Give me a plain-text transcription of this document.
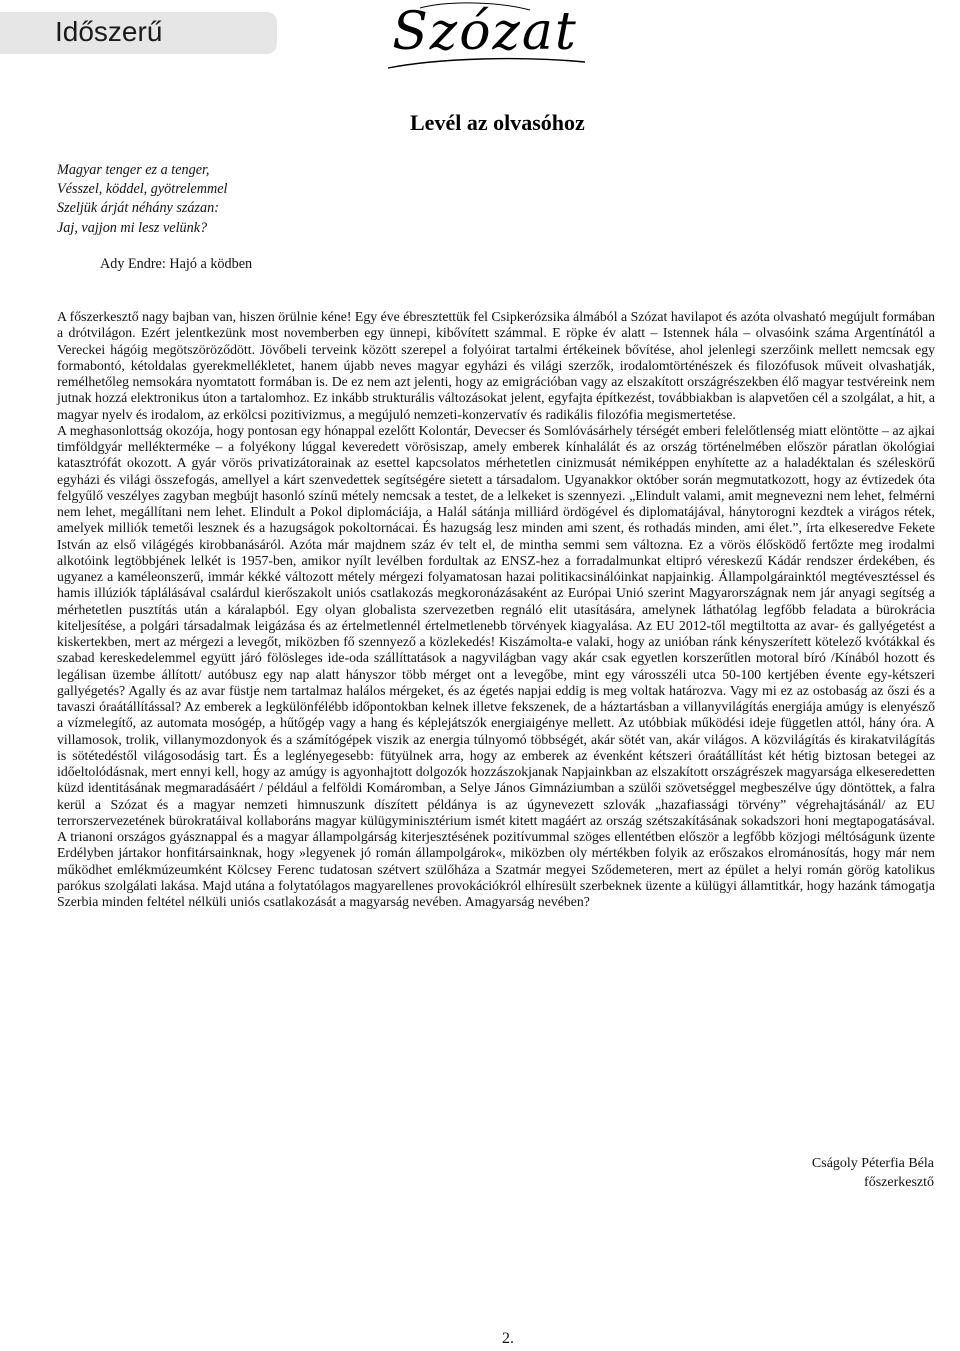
Időszerű	Szózat
Levél az olvasóhoz
Magyar tenger ez a tenger,
Vésszel, köddel, gyötrelemmel
Szeljük árját néhány százan:
Jaj, vajjon mi lesz velünk?
Ady Endre: Hajó a ködben

A főszerkesztő nagy bajban van, hiszen örülnie kéne! Egy éve ébresztettük fel Csipkerózsika álmából a Szózat havilapot és azóta olvasható megújult formában a drótvilágon. Ezért jelentkezünk most novemberben egy ünnepi, kibővített számmal. E röpke év alatt – Istennek hála – olvasóink száma Argentínától a Vereckei hágóig megötszöröződött. Jövőbeli terveink között szerepel a folyóirat tartalmi értékeinek bővítése, ahol jelenlegi szerzőink mellett nemcsak egy formabontó, kétoldalas gyerekmellékletet, hanem újabb neves magyar egyházi és világi szerzők, irodalomtörténészek és filozófusok műveit olvashatják, remélhetőleg nemsokára nyomtatott formában is. De ez nem azt jelenti, hogy az emigrációban vagy az elszakított országrészekben élő magyar testvéreink nem jutnak hozzá elektronikus úton a tartalomhoz. Ez inkább strukturális változásokat jelent, egyfajta építkezést, továbbiakban is alapvetően cél a szolgálat, a hit, a magyar nyelv és irodalom, az erkölcsi pozitivizmus, a megújuló nemzeti-konzervatív és radikális filozófia megismertetése.

A meghasonlottság okozója, hogy pontosan egy hónappal ezelőtt Kolontár, Devecser és Somlóvásárhely térségét emberi felelőtlenség miatt elöntötte – az ajkai timföldgyár mellékterméke – a folyékony lúggal keveredett vörösiszap, amely emberek kínhalálát és az ország történelmében először páratlan ökológiai katasztrófát okozott. A gyár vörös privatizátorainak az esettel kapcsolatos mérhetetlen cinizmusát némiképpen enyhítette az a haladéktalan és széleskörű egyházi és világi összefogás, amellyel a kárt szenvedettek segítségére sietett a társadalom. Ugyanakkor október során megmutatkozott, hogy az évtizedek óta felgyűlő veszélyes zagyban megbújt hasonló színű métely nemcsak a testet, de a lelkeket is szennyezi. „Elindult valami, amit megnevezni nem lehet, felmérni nem lehet, megállítani nem lehet. Elindult a Pokol diplomáciája, a Halál sátánja milliárd ördögével és diplomatájával, hánytorogni kezdtek a virágos rétek, amelyek milliók temetői lesznek és a hazugságok pokoltornácai. És hazugság lesz minden ami szent, és rothadás minden, ami élet.”, írta elkeseredve Fekete István az első világégés kirobbanásáról. Azóta már majdnem száz év telt el, de mintha semmi sem változna. Ez a vörös élősködő fertőzte meg irodalmi alkotóink legtöbbjének lelkét is 1957-ben, amikor nyílt levélben fordultak az ENSZ-hez a forradalmunkat eltipró véreskezű Kádár rendszer érdekében, és ugyanez a kaméleonszerű, immár kékké változott métely mérgezi folyamatosan hazai politikacsinálóinkat napjainkig. Állampolgárainktól megtévesztéssel és hamis illúziók táplálásával csalárdul kierőszakolt uniós csatlakozás megkoronázásaként az Európai Unió szerint Magyarországnak nem jár anyagi segítség a mérhetetlen pusztítás után a káralapból. Egy olyan globalista szervezetben regnáló elit utasítására, amelynek láthatólag legfőbb feladata a bürokrácia kiteljesítése, a polgári társadalmak leigázása és az értelmetlennél értelmetlenebb törvények kiagyalása. Az EU 2012-től megtiltotta az avar- és gallyégetést a kiskertekben, mert az mérgezi a levegőt, miközben fő szennyező a közlekedés! Kiszámolta-e valaki, hogy az unióban ránk kényszerített kötelező kvótákkal és szabad kereskedelemmel együtt járó fölösleges ide-oda szállíttatások a nagyvilágban vagy akár csak egyetlen korszerűtlen motoral bíró /Kínából hozott és legálisan üzembe állított/ autóbusz egy nap alatt hányszor több mérget ont a levegőbe, mint egy városszéli utca 50-100 kertjében évente egy-kétszeri gallyégetés? Agally és az avar füstje nem tartalmaz halálos mérgeket, és az égetés napjai eddig is meg voltak határozva. Vagy mi ez az ostobaság az őszi és a tavaszi óraátállítással? Az emberek a legkülönfélébb időpontokban kelnek illetve fekszenek, de a háztartásban a villanyvilágítás energiája amúgy is elenyésző a vízmelegítő, az automata mosógép, a hűtőgép vagy a hang és képlejátszók energiaigénye mellett. Az utóbbiak működési ideje független attól, hány óra. A villamosok, trolik, villanymozdonyok és a számítógépek viszik az energia túlnyomó többségét, akár sötét van, akár világos. A közvilágítás és kirakatvilágítás is sötétedéstől világosodásig tart. És a leglényegesebb: fütyülnek arra, hogy az emberek az évenként kétszeri óraátállítást két hétig biztosan betegei az időeltolódásnak, mert ennyi kell, hogy az amúgy is agyonhajtott dolgozók hozzászokjanak Napjainkban az elszakított országrészek magyarsága elkeseredetten küzd identitásának megmaradásáért / például a felföldi Komáromban, a Selye János Gimnáziumban a szülői szövetséggel megbeszélve úgy döntöttek, a falra kerül a Szózat és a magyar nemzeti himnuszunk díszített példánya is az úgynevezett szlovák „hazafiassági törvény” végrehajtásánál/ az EU terrorszervezetének bürokratáival kollaboráns magyar külügyminisztérium ismét kitett magáért az ország szétszakításának sokadszori honi megtapogatásával. A trianoni országos gyásznappal és a magyar állampolgárság kiterjesztésének pozitívummal szöges ellentétben először a legfőbb közjogi méltóságunk üzente Erdélyben jártakor honfitársainknak, hogy »legyenek jó román állampolgárok«, miközben oly mértékben folyik az erőszakos elrománosítás, hogy már nem működhet emlékmúzeumként Kölcsey Ferenc tudatosan szétvert szülőháza a Szatmár megyei Sződemeteren, mert az épület a helyi román görög katolikus parókus szolgálati lakása. Majd utána a folytatólagos magyarellenes provokációkról elhíresült szerbeknek üzente a külügyi államtitkár, hogy hazánk támogatja Szerbia minden feltétel nélküli uniós csatlakozását a magyarság nevében. Amagyarság nevében?

Cságoly Péterfia Béla
főszerkesztő
2.
